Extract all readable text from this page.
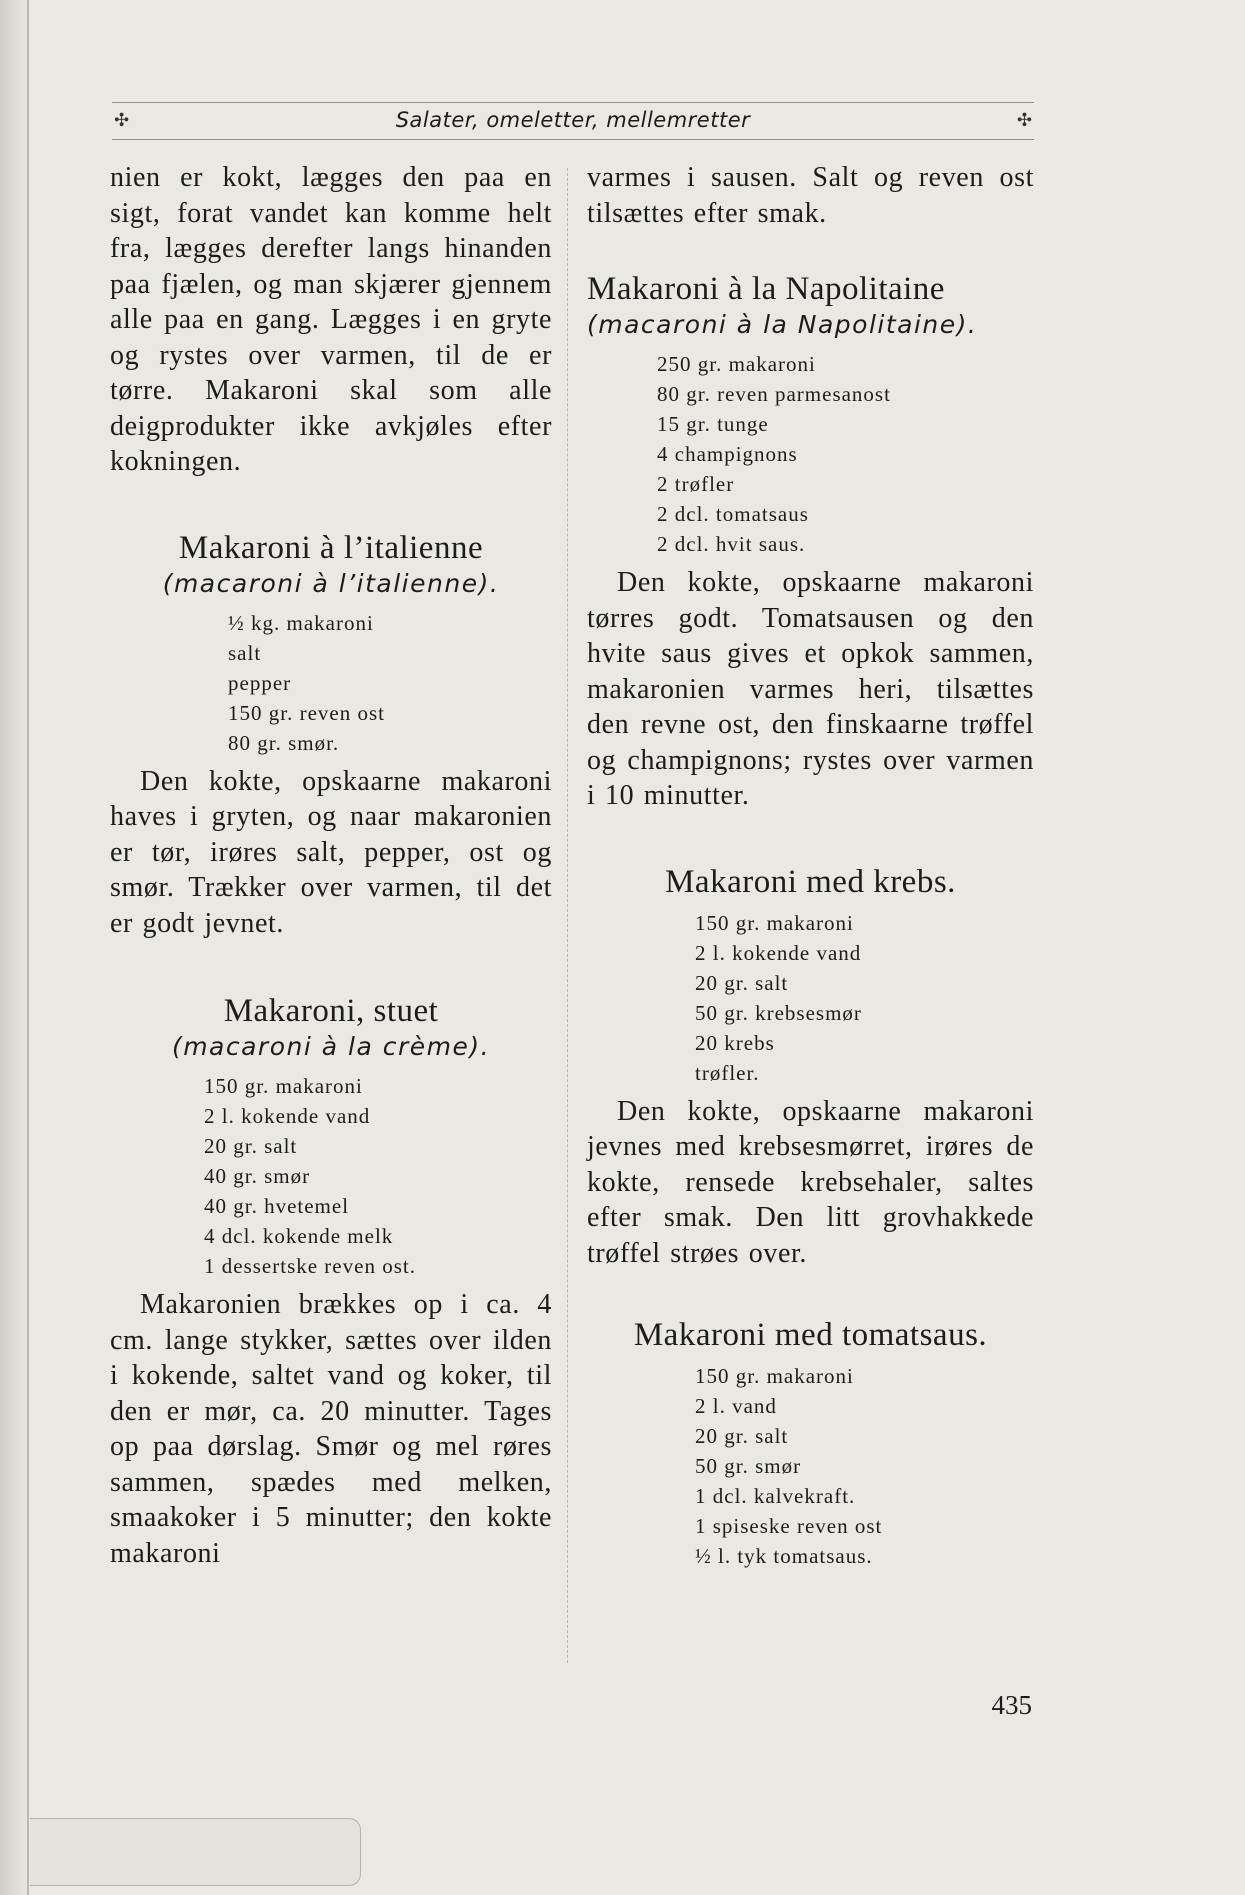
✣	Salater, omeletter, mellemretter	✣

nien er kokt, lægges den paa en sigt, forat vandet kan komme helt fra, lægges derefter langs hinanden paa fjælen, og man skjærer gjennem alle paa en gang. Lægges i en gryte og rystes over varmen, til de er tørre. Makaroni skal som alle deigprodukter ikke avkjøles efter kokningen.

Makaroni à l’italienne
(macaroni à l’italienne).
½ kg. makaroni
salt
pepper
150 gr. reven ost
80 gr. smør.

Den kokte, opskaarne makaroni haves i gryten, og naar makaronien er tør, irøres salt, pepper, ost og smør. Trækker over varmen, til det er godt jevnet.

Makaroni, stuet
(macaroni à la crème).
150 gr. makaroni
2 l. kokende vand
20 gr. salt
40 gr. smør
40 gr. hvetemel
4 dcl. kokende melk
1 dessertske reven ost.

Makaronien brækkes op i ca. 4 cm. lange stykker, sættes over ilden i kokende, saltet vand og koker, til den er mør, ca. 20 minutter. Tages op paa dørslag. Smør og mel røres sammen, spædes med melken, smaakoker i 5 minutter; den kokte makaroni

varmes i sausen. Salt og reven ost tilsættes efter smak.

Makaroni à la Napolitaine
(macaroni à la Napolitaine).
250 gr. makaroni
80 gr. reven parmesanost
15 gr. tunge
4 champignons
2 trøfler
2 dcl. tomatsaus
2 dcl. hvit saus.

Den kokte, opskaarne makaroni tørres godt. Tomatsausen og den hvite saus gives et opkok sammen, makaronien varmes heri, tilsættes den revne ost, den finskaarne trøffel og champignons; rystes over varmen i 10 minutter.

Makaroni med krebs.
150 gr. makaroni
2 l. kokende vand
20 gr. salt
50 gr. krebsesmør
20 krebs
trøfler.

Den kokte, opskaarne makaroni jevnes med krebsesmørret, irøres de kokte, rensede krebsehaler, saltes efter smak. Den litt grovhakkede trøffel strøes over.

Makaroni med tomatsaus.
150 gr. makaroni
2 l. vand
20 gr. salt
50 gr. smør
1 dcl. kalvekraft.
1 spiseske reven ost
½ l. tyk tomatsaus.
435
